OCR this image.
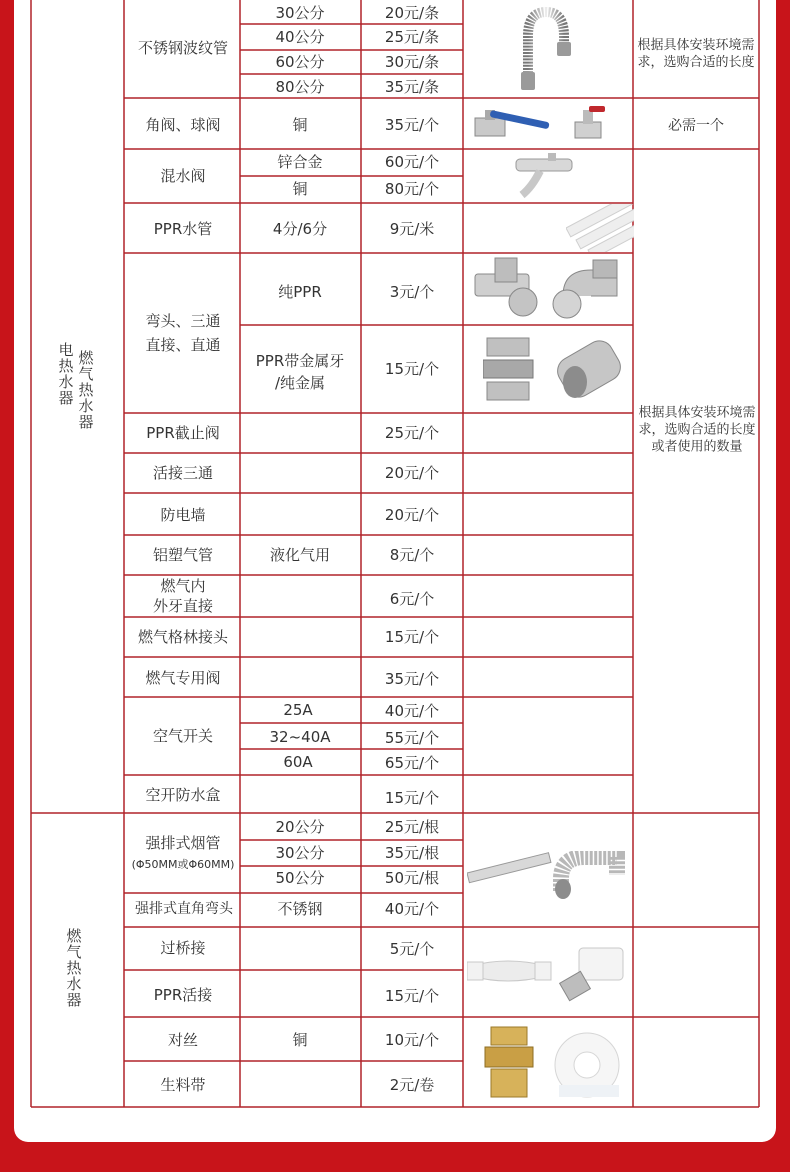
电热水器
燃气热水器
燃气热水器
不锈钢波纹管
角阀、球阀
混水阀
PPR水管
弯头、三通
直接、直通
PPR截止阀
活接三通
防电墙
铝塑气管
燃气内
外牙直接
燃气格林接头
燃气专用阀
空气开关
空开防水盒
强排式烟管
(Φ50MM或Φ60MM)
强排式直角弯头
过桥接
PPR活接
对丝
生料带
30公分
40公分
60公分
80公分
铜
锌合金
铜
4分/6分
纯PPR
PPR带金属牙
/纯金属
液化气用
25A
32~40A
60A
20公分
30公分
50公分
不锈钢
铜
20元/条
25元/条
30元/条
35元/条
35元/个
60元/个
80元/个
9元/米
3元/个
15元/个
25元/个
20元/个
20元/个
8元/个
6元/个
15元/个
35元/个
40元/个
55元/个
65元/个
15元/个
25元/根
35元/根
50元/根
40元/个
5元/个
15元/个
10元/个
2元/卷
根据具体安装环境需求，选购合适的长度
必需一个
根据具体安装环境需求，选购合适的长度或者使用的数量
